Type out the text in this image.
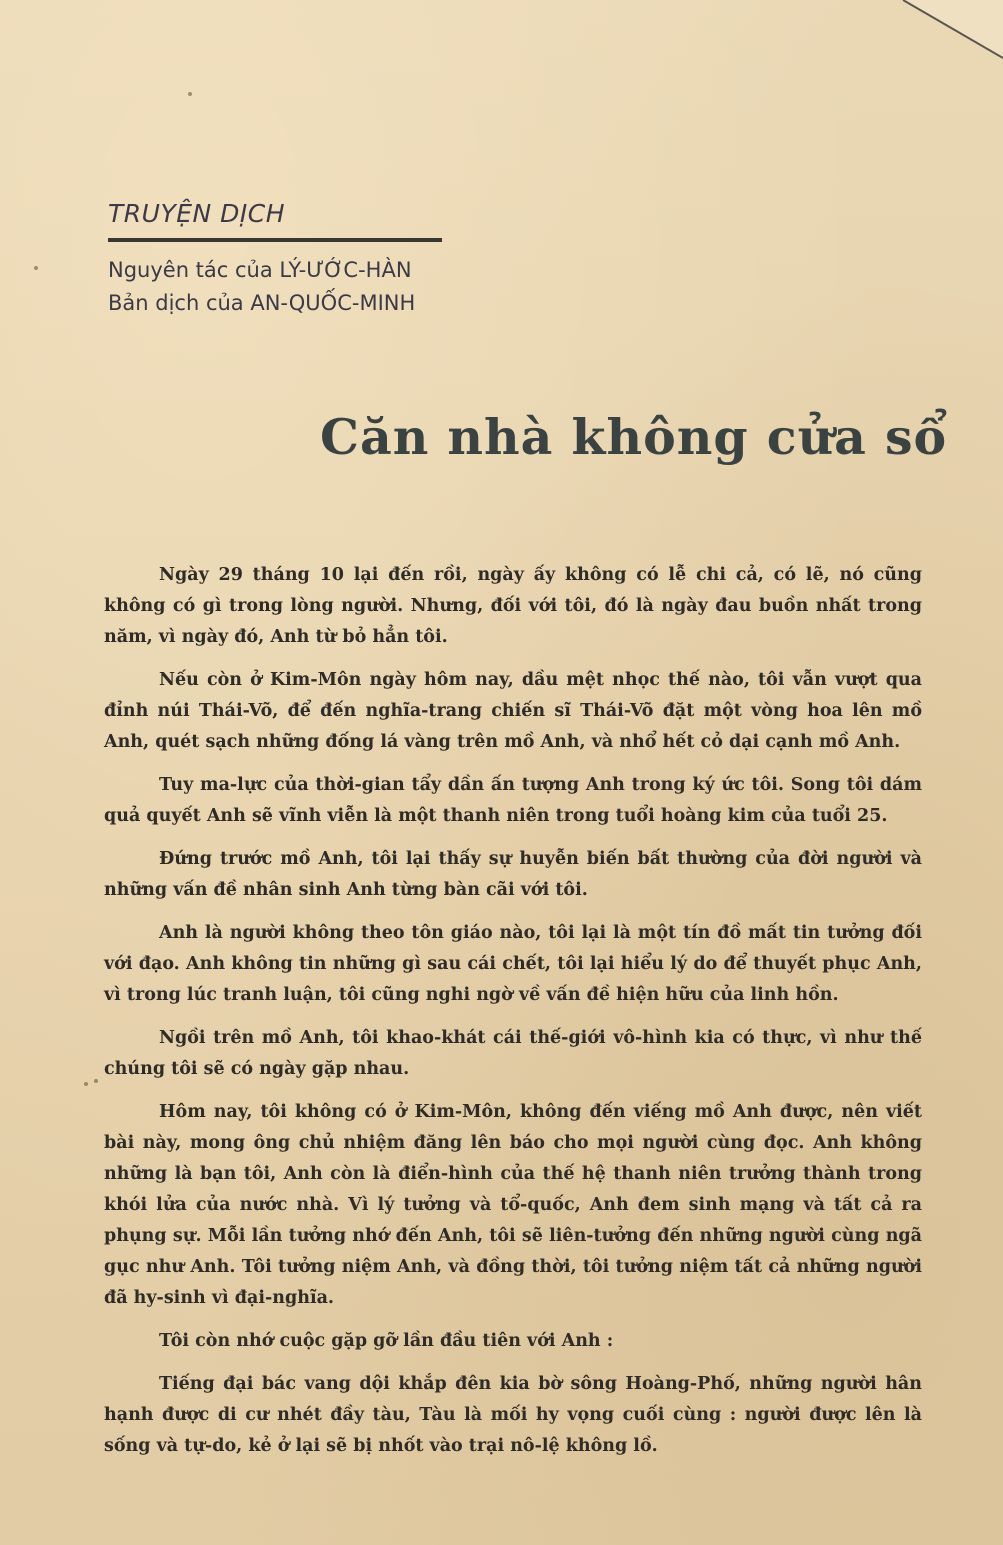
TRUYỆN DỊCH

Nguyên tác của LÝ-ƯỚC-HÀN

Bản dịch của AN-QUỐC-MINH

Căn nhà không cửa sổ

Ngày 29 tháng 10 lại đến rồi, ngày ấy không có lễ chi cả, có lẽ, nó cũng không có gì trong lòng người. Nhưng, đối với tôi, đó là ngày đau buồn nhất trong năm, vì ngày đó, Anh từ bỏ hẳn tôi.

Nếu còn ở Kim-Môn ngày hôm nay, dầu mệt nhọc thế nào, tôi vẫn vượt qua đỉnh núi Thái-Võ, để đến nghĩa-trang chiến sĩ Thái-Võ đặt một vòng hoa lên mồ Anh, quét sạch những đống lá vàng trên mồ Anh, và nhổ hết cỏ dại cạnh mồ Anh.

Tuy ma-lực của thời-gian tẩy dần ấn tượng Anh trong ký ức tôi. Song tôi dám quả quyết Anh sẽ vĩnh viễn là một thanh niên trong tuổi hoàng kim của tuổi 25.

Đứng trước mồ Anh, tôi lại thấy sự huyễn biến bất thường của đời người và những vấn đề nhân sinh Anh từng bàn cãi với tôi.

Anh là người không theo tôn giáo nào, tôi lại là một tín đồ mất tin tưởng đối với đạo. Anh không tin những gì sau cái chết, tôi lại hiểu lý do để thuyết phục Anh, vì trong lúc tranh luận, tôi cũng nghi ngờ về vấn đề hiện hữu của linh hồn.

Ngồi trên mồ Anh, tôi khao-khát cái thế-giới vô-hình kia có thực, vì như thế chúng tôi sẽ có ngày gặp nhau.

Hôm nay, tôi không có ở Kim-Môn, không đến viếng mồ Anh được, nên viết bài này, mong ông chủ nhiệm đăng lên báo cho mọi người cùng đọc. Anh không những là bạn tôi, Anh còn là điển-hình của thế hệ thanh niên trưởng thành trong khói lửa của nước nhà. Vì lý tưởng và tổ-quốc, Anh đem sinh mạng và tất cả ra phụng sự. Mỗi lần tưởng nhớ đến Anh, tôi sẽ liên-tưởng đến những người cùng ngã gục như Anh. Tôi tưởng niệm Anh, và đồng thời, tôi tưởng niệm tất cả những người đã hy-sinh vì đại-nghĩa.

Tôi còn nhớ cuộc gặp gỡ lần đầu tiên với Anh :

Tiếng đại bác vang dội khắp đên kia bờ sông Hoàng-Phố, những người hân hạnh được di cư nhét đầy tàu, Tàu là mối hy vọng cuối cùng : người được lên là sống và tự-do, kẻ ở lại sẽ bị nhốt vào trại nô-lệ không lồ.
